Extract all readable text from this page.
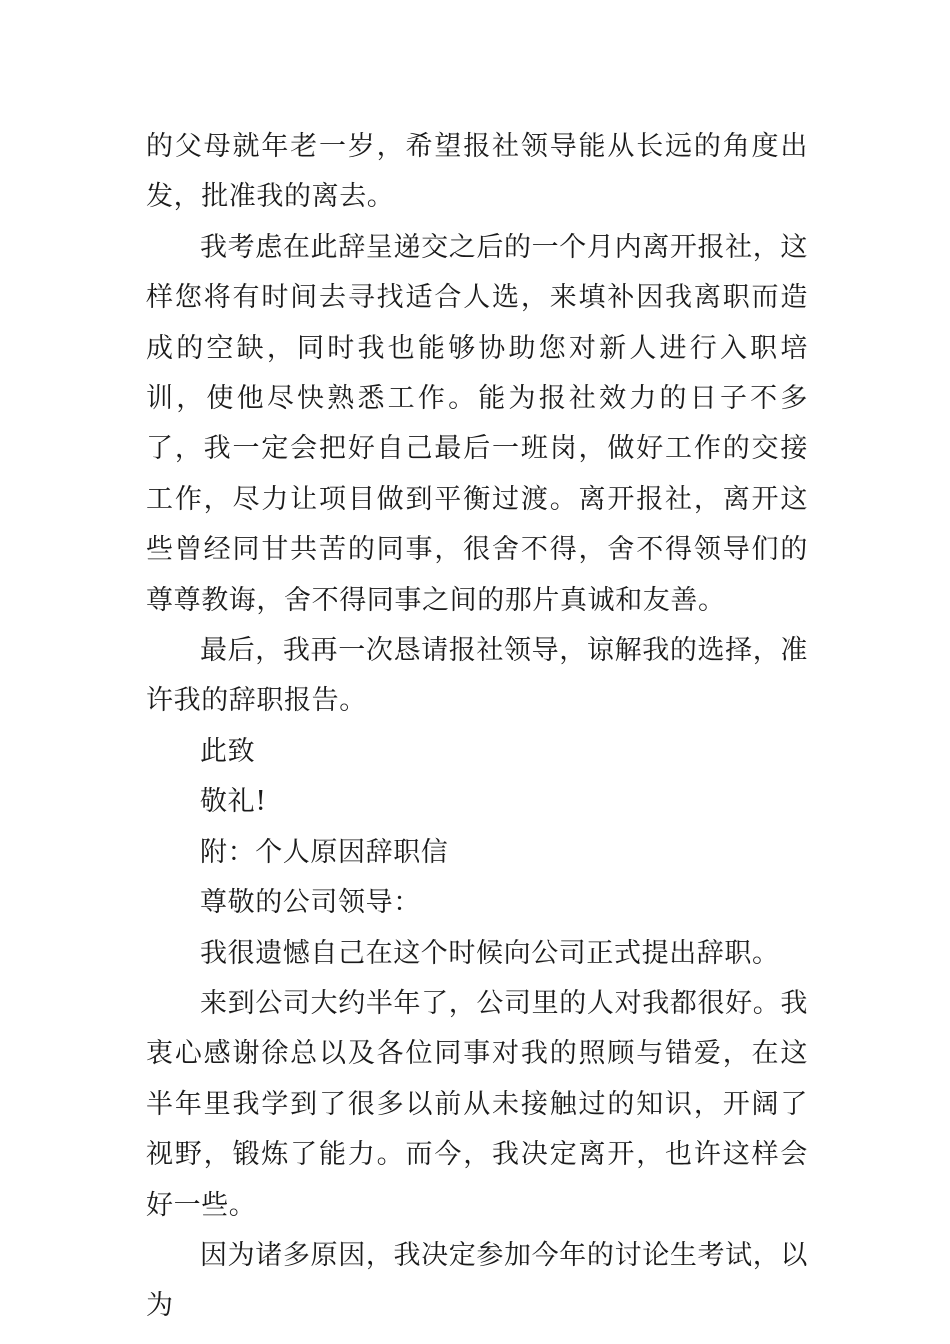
的父母就年老一岁，希望报社领导能从长远的角度出发，批准我的离去。

我考虑在此辞呈递交之后的一个月内离开报社，这样您将有时间去寻找适合人选，来填补因我离职而造成的空缺，同时我也能够协助您对新人进行入职培训，使他尽快熟悉工作。能为报社效力的日子不多了，我一定会把好自己最后一班岗，做好工作的交接工作，尽力让项目做到平衡过渡。离开报社，离开这些曾经同甘共苦的同事，很舍不得，舍不得领导们的尊尊教诲，舍不得同事之间的那片真诚和友善。

最后，我再一次恳请报社领导，谅解我的选择，准许我的辞职报告。

此致

敬礼!

附：个人原因辞职信

尊敬的公司领导：

我很遗憾自己在这个时候向公司正式提出辞职。

来到公司大约半年了，公司里的人对我都很好。我衷心感谢徐总以及各位同事对我的照顾与错爱，在这半年里我学到了很多以前从未接触过的知识，开阔了视野，锻炼了能力。而今，我决定离开，也许这样会好一些。

因为诸多原因，我决定参加今年的讨论生考试，以为
